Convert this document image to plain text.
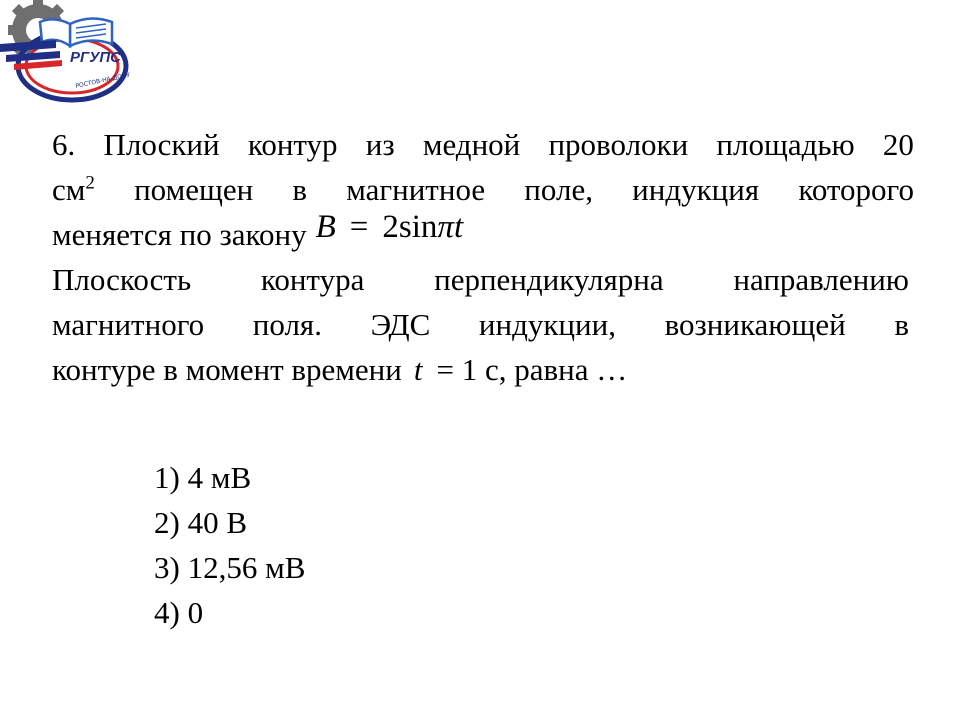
РГУПС
РОСТОВ-НА-ДОНУ
6. Плоский контур из медной проволоки площадью 20
$см^2$ помещен в магнитное поле, индукция которого
меняется по закону B = 2sinπt
Плоскость контура перпендикулярна направлению
магнитного поля. ЭДС индукции, возникающей в
контуре в момент времени t = 1 с, равна …
1) 4 мВ
2) 40 В
3) 12,56 мВ
4) 0
